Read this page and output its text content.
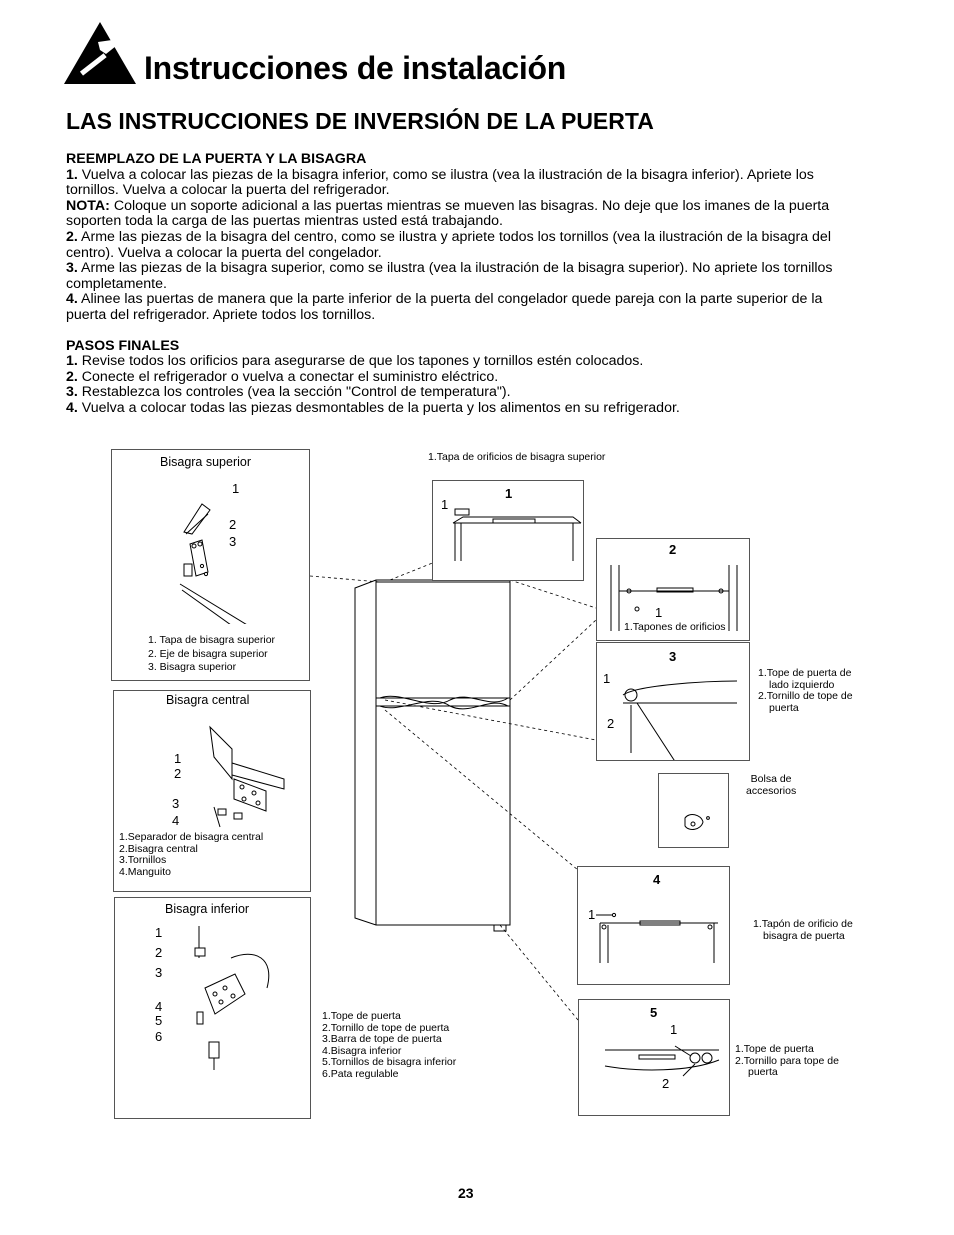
Instrucciones de instalación
LAS INSTRUCCIONES DE INVERSIÓN DE LA PUERTA

REEMPLAZO DE LA PUERTA Y LA BISAGRA

1. Vuelva a colocar las piezas de la bisagra inferior, como se ilustra (vea la ilustración de la bisagra inferior). Apriete los tornillos. Vuelva a colocar la puerta del refrigerador.

NOTA: Coloque un soporte adicional a las puertas mientras se mueven las bisagras. No deje que los imanes de la puerta soporten toda la carga de las puertas mientras usted está trabajando.

2. Arme las piezas de la bisagra del centro, como se ilustra y apriete todos los tornillos (vea la ilustración de la bisagra del centro). Vuelva a colocar la puerta del congelador.

3. Arme las piezas de la bisagra superior, como se ilustra (vea la ilustración de la bisagra superior). No apriete los tornillos completamente.

4. Alinee las puertas de manera que la parte inferior de la puerta del congelador quede pareja con la parte superior de la puerta del refrigerador. Apriete todos los tornillos.

PASOS FINALES

1. Revise todos los orificios para asegurarse de que los tapones y tornillos estén colocados.

2. Conecte el refrigerador o vuelva a conectar el suministro eléctrico.

3. Restablezca los controles (vea la sección "Control de temperatura").

4. Vuelva a colocar todas las piezas desmontables de la puerta y los alimentos en su refrigerador.

Bisagra superior
1
2
3
1. Tapa de bisagra superior
2. Eje de bisagra superior
3. Bisagra superior
Bisagra central
1
2
3
4
1.Separador de bisagra central
2.Bisagra central
3.Tornillos
4.Manguito
Bisagra inferior
1
2
3
4
5
6
1.Tope de puerta
2.Tornillo de tope de puerta
3.Barra de tope de puerta
4.Bisagra inferior
5.Tornillos de bisagra inferior
6.Pata regulable
1.Tapa de orificios de bisagra superior
1
1
2
1
1.Tapones de orificios
3
1
2
1.Tope de puerta de
lado izquierdo
2.Tornillo de tope de
puerta
Bolsa de
accesorios
4
1
1.Tapón de orificio de
bisagra de puerta
5
1
2
1.Tope de puerta
2.Tornillo para tope de
puerta
23
